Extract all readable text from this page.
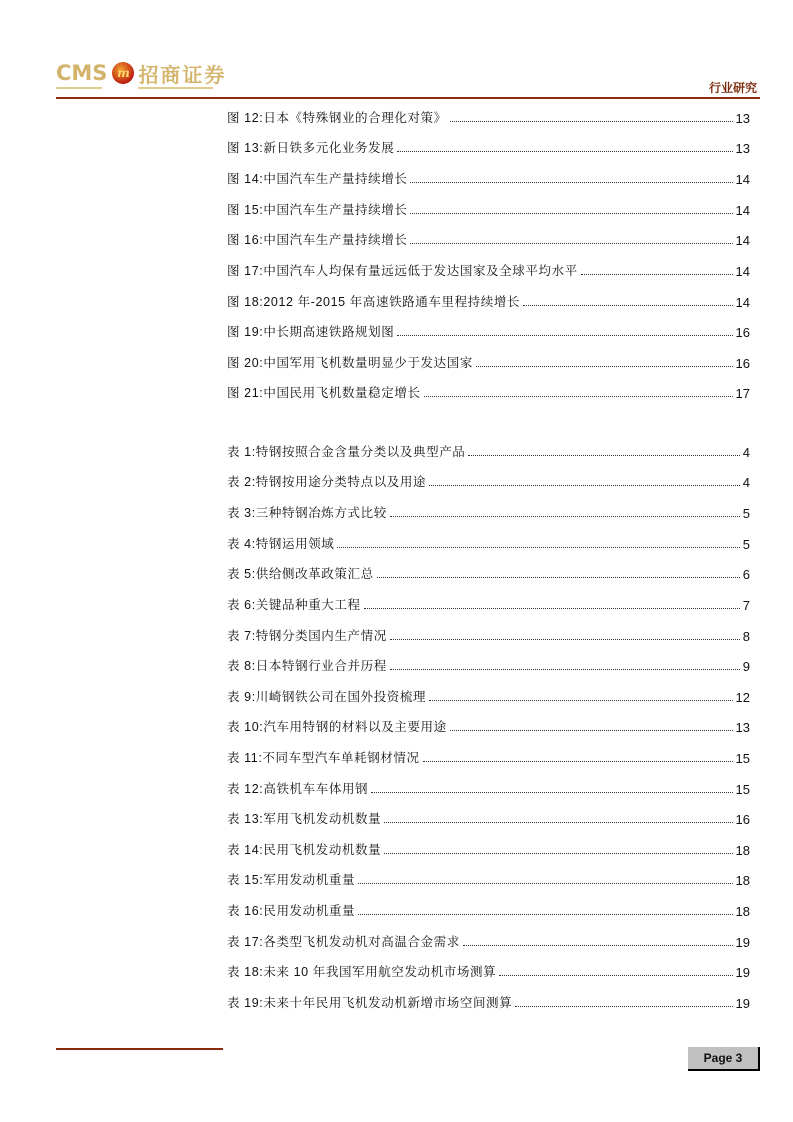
CMS m 招商证券
行业研究
图 12:日本《特殊钢业的合理化对策》	13
图 13:新日铁多元化业务发展	13
图 14:中国汽车生产量持续增长	14
图 15:中国汽车生产量持续增长	14
图 16:中国汽车生产量持续增长	14
图 17:中国汽车人均保有量远远低于发达国家及全球平均水平	14
图 18:2012 年-2015 年高速铁路通车里程持续增长	14
图 19:中长期高速铁路规划图	16
图 20:中国军用飞机数量明显少于发达国家	16
图 21:中国民用飞机数量稳定增长	17
表 1:特钢按照合金含量分类以及典型产品	4
表 2:特钢按用途分类特点以及用途	4
表 3:三种特钢冶炼方式比较	5
表 4:特钢运用领域	5
表 5:供给侧改革政策汇总	6
表 6:关键品种重大工程	7
表 7:特钢分类国内生产情况	8
表 8:日本特钢行业合并历程	9
表 9:川崎钢铁公司在国外投资梳理	12
表 10:汽车用特钢的材料以及主要用途	13
表 11:不同车型汽车单耗钢材情况	15
表 12:高铁机车车体用钢	15
表 13:军用飞机发动机数量	16
表 14:民用飞机发动机数量	18
表 15:军用发动机重量	18
表 16:民用发动机重量	18
表 17:各类型飞机发动机对高温合金需求	19
表 18:未来 10 年我国军用航空发动机市场测算	19
表 19:未来十年民用飞机发动机新增市场空间测算	19
Page 3
